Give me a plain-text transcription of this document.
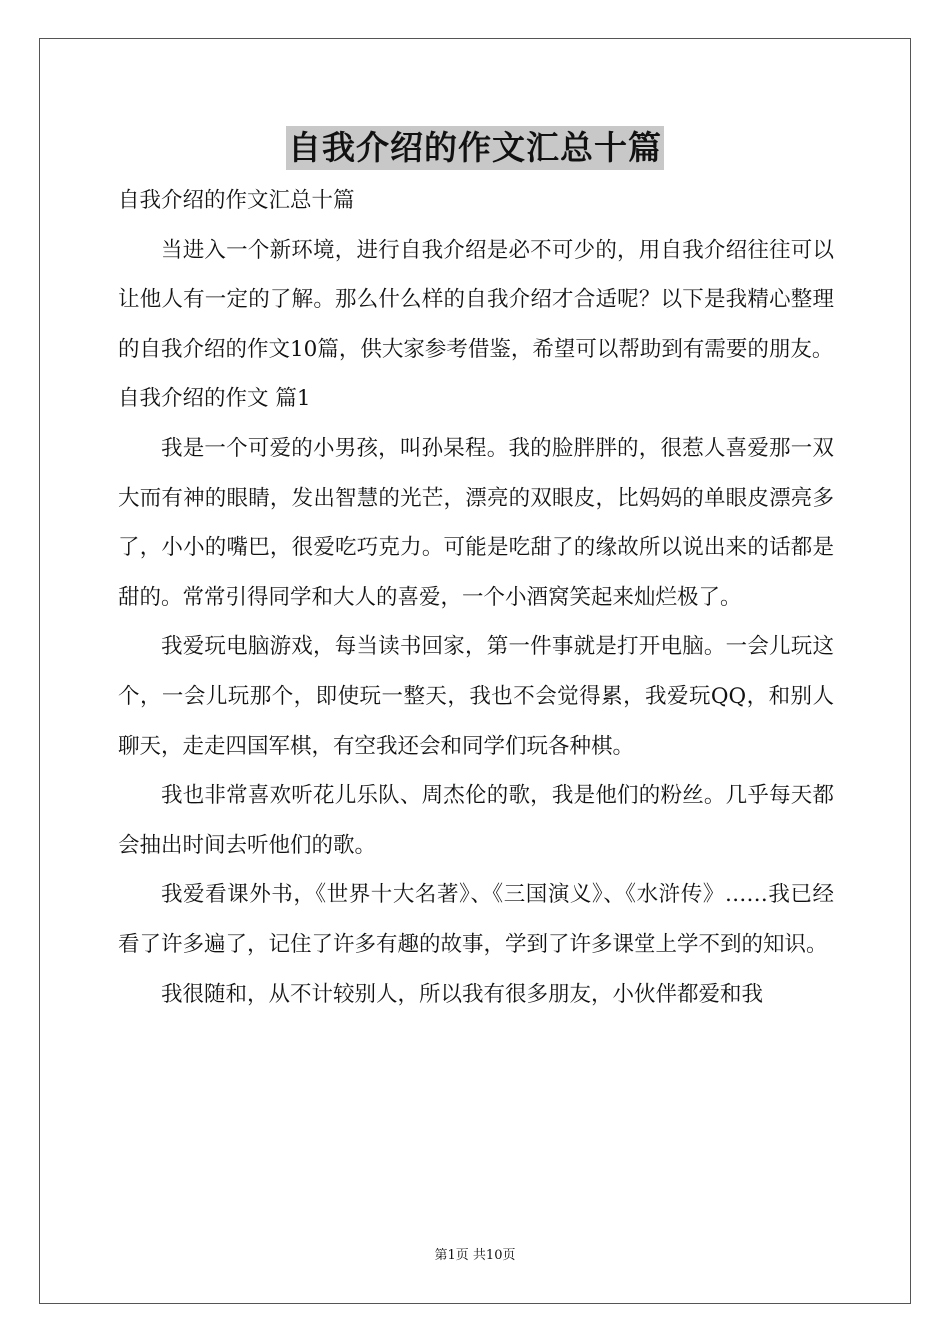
自我介绍的作文汇总十篇

自我介绍的作文汇总十篇

当进入一个新环境，进行自我介绍是必不可少的，用自我介绍往往可以让他人有一定的了解。那么什么样的自我介绍才合适呢？以下是我精心整理的自我介绍的作文10篇，供大家参考借鉴，希望可以帮助到有需要的朋友。

自我介绍的作文 篇1

我是一个可爱的小男孩，叫孙杲程。我的脸胖胖的，很惹人喜爱那一双大而有神的眼睛，发出智慧的光芒，漂亮的双眼皮，比妈妈的单眼皮漂亮多了，小小的嘴巴，很爱吃巧克力。可能是吃甜了的缘故所以说出来的话都是甜的。常常引得同学和大人的喜爱，一个小酒窝笑起来灿烂极了。

我爱玩电脑游戏，每当读书回家，第一件事就是打开电脑。一会儿玩这个，一会儿玩那个，即使玩一整天，我也不会觉得累，我爱玩QQ，和别人聊天，走走四国军棋，有空我还会和同学们玩各种棋。

我也非常喜欢听花儿乐队、周杰伦的歌，我是他们的粉丝。几乎每天都会抽出时间去听他们的歌。

我爱看课外书，《世界十大名著》、《三国演义》、《水浒传》……我已经看了许多遍了，记住了许多有趣的故事，学到了许多课堂上学不到的知识。

我很随和，从不计较别人，所以我有很多朋友，小伙伴都爱和我

第1页 共10页
